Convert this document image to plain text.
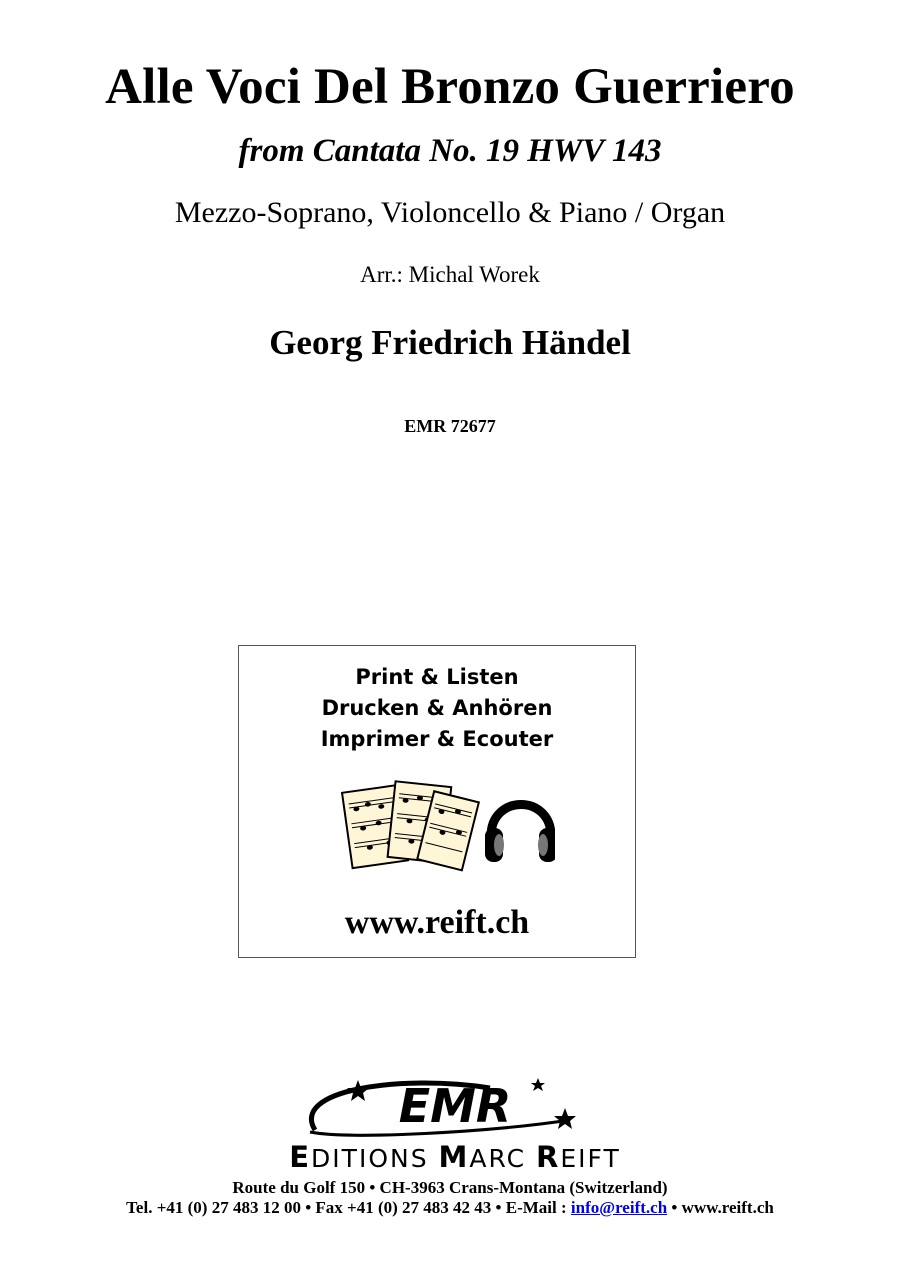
Alle Voci Del Bronzo Guerriero
from Cantata No. 19 HWV 143
Mezzo-Soprano, Violoncello & Piano / Organ
Arr.: Michal Worek
Georg Friedrich Händel
EMR 72677
Print & Listen
Drucken & Anhören
Imprimer & Ecouter
www.reift.ch
EMR
EDITIONS MARC REIFT
Route du Golf 150 • CH-3963 Crans-Montana (Switzerland)
Tel. +41 (0) 27 483 12 00 • Fax +41 (0) 27 483 42 43 • E-Mail : info@reift.ch • www.reift.ch
